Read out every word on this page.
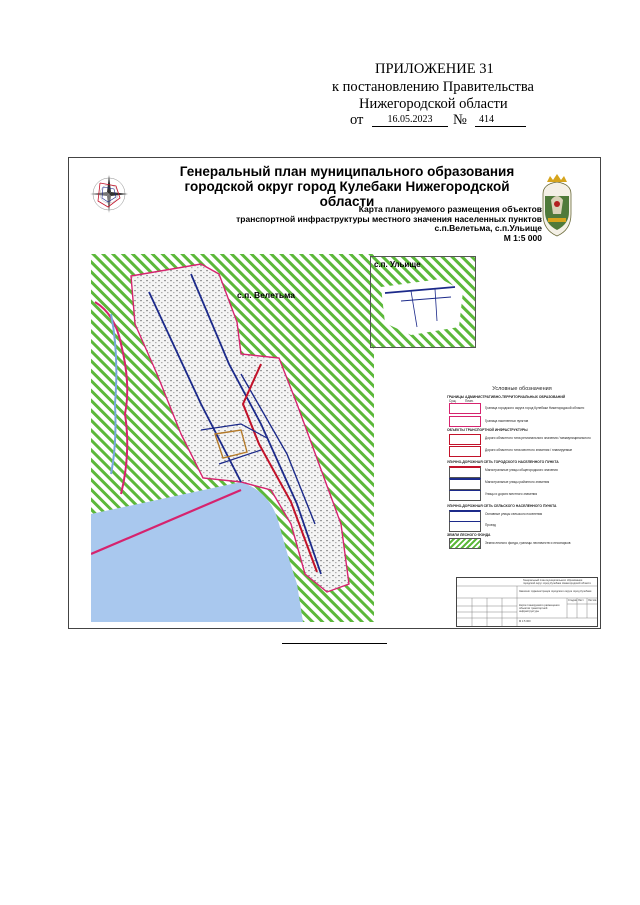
ПРИЛОЖЕНИЕ 31
к постановлению Правительства
Нижегородской области
от	16.05.2023	№	414
Генеральный план муниципального образования
городской округ город Кулебаки Нижегородской области
Карта планируемого размещения объектов
транспортной инфраструктуры местного значения населенных пунктов
с.п.Велетьма, с.п.Ульище
М 1:5 000
с.п. Велетьма
с.п. Ульище
Условные обозначения
ГРАНИЦЫ АДМИНИСТРАТИВНО-ТЕРРИТОРИАЛЬНЫХ ОБРАЗОВАНИЙ
Сущ.	План.
Граница городского округа город Кулебаки Нижегородской области
Граница населенных пунктов
ОБЪЕКТЫ ТРАНСПОРТНОЙ ИНФРАСТРУКТУРЫ
Дороги областного типа регионального значения / межмуниципального
Дороги областного типа местного значения / планируемые
УЛИЧНО-ДОРОЖНАЯ СЕТЬ ГОРОДСКОГО НАСЕЛЕННОГО ПУНКТА
Магистральные улицы общегородского значения
Магистральные улицы районного значения
Улицы и дороги местного значения
УЛИЧНО-ДОРОЖНАЯ СЕТЬ СЕЛЬСКОГО НАСЕЛЕННОГО ПУНКТА
Основные улицы сельского поселения
Проезд
ЗЕМЛИ ЛЕСНОГО ФОНДА
Земли лесного фонда, границы лесничеств и лесопарков
Генеральный план муниципального образования
городской округ город Кулебаки Нижегородской области
Заказчик: Администрация городского округа город Кулебаки
Стадия Лист Листов
Карта планируемого размещения объектов транспортной инфраструктуры
М 1:5 000
